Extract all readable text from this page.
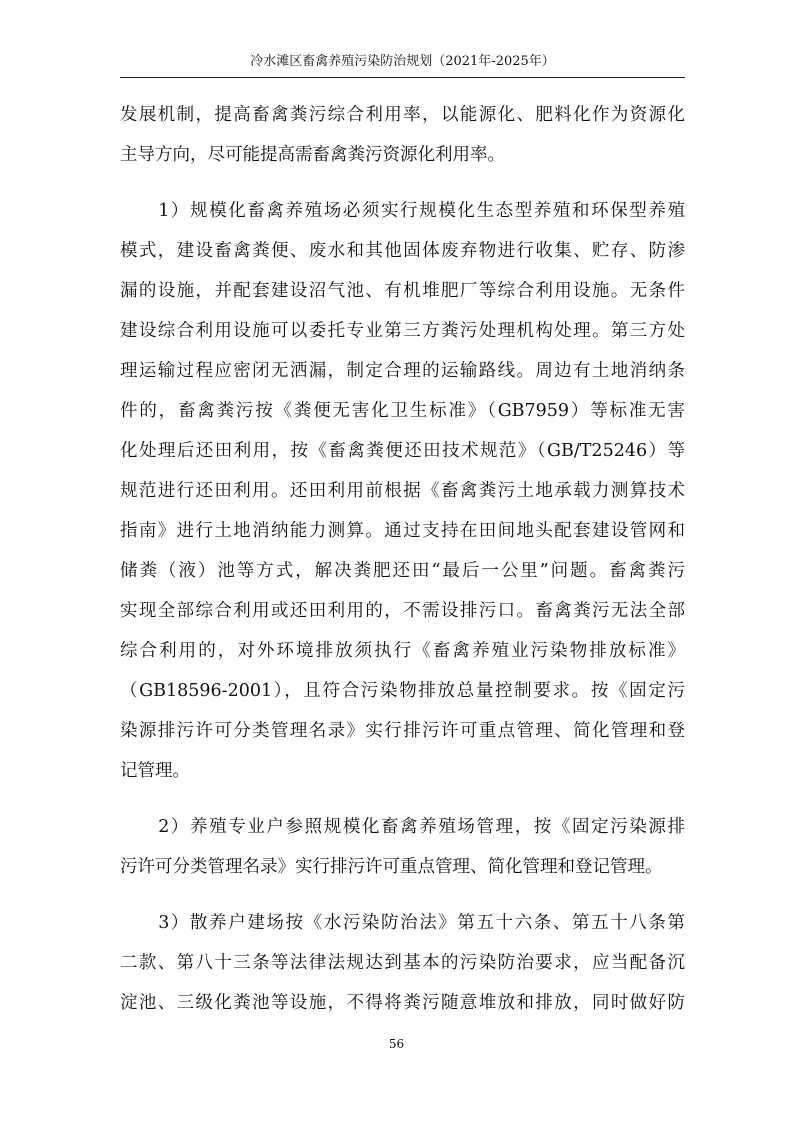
冷水滩区畜禽养殖污染防治规划（2021年-2025年）
发展机制，提高畜禽粪污综合利用率，以能源化、肥料化作为资源化
主导方向，尽可能提高需畜禽粪污资源化利用率。
　　1）规模化畜禽养殖场必须实行规模化生态型养殖和环保型养殖
模式，建设畜禽粪便、废水和其他固体废弃物进行收集、贮存、防渗
漏的设施，并配套建设沼气池、有机堆肥厂等综合利用设施。无条件
建设综合利用设施可以委托专业第三方粪污处理机构处理。第三方处
理运输过程应密闭无洒漏，制定合理的运输路线。周边有土地消纳条
件的，畜禽粪污按《粪便无害化卫生标准》（GB7959）等标准无害
化处理后还田利用，按《畜禽粪便还田技术规范》（GB/T25246）等
规范进行还田利用。还田利用前根据《畜禽粪污土地承载力测算技术
指南》进行土地消纳能力测算。通过支持在田间地头配套建设管网和
储粪（液）池等方式，解决粪肥还田“最后一公里”问题。畜禽粪污
实现全部综合利用或还田利用的，不需设排污口。畜禽粪污无法全部
综合利用的，对外环境排放须执行《畜禽养殖业污染物排放标准》
（GB18596-2001），且符合污染物排放总量控制要求。按《固定污
染源排污许可分类管理名录》实行排污许可重点管理、简化管理和登
记管理。
　　2）养殖专业户参照规模化畜禽养殖场管理，按《固定污染源排
污许可分类管理名录》实行排污许可重点管理、简化管理和登记管理。
　　3）散养户建场按《水污染防治法》第五十六条、第五十八条第
二款、第八十三条等法律法规达到基本的污染防治要求，应当配备沉
淀池、三级化粪池等设施，不得将粪污随意堆放和排放，同时做好防
56
